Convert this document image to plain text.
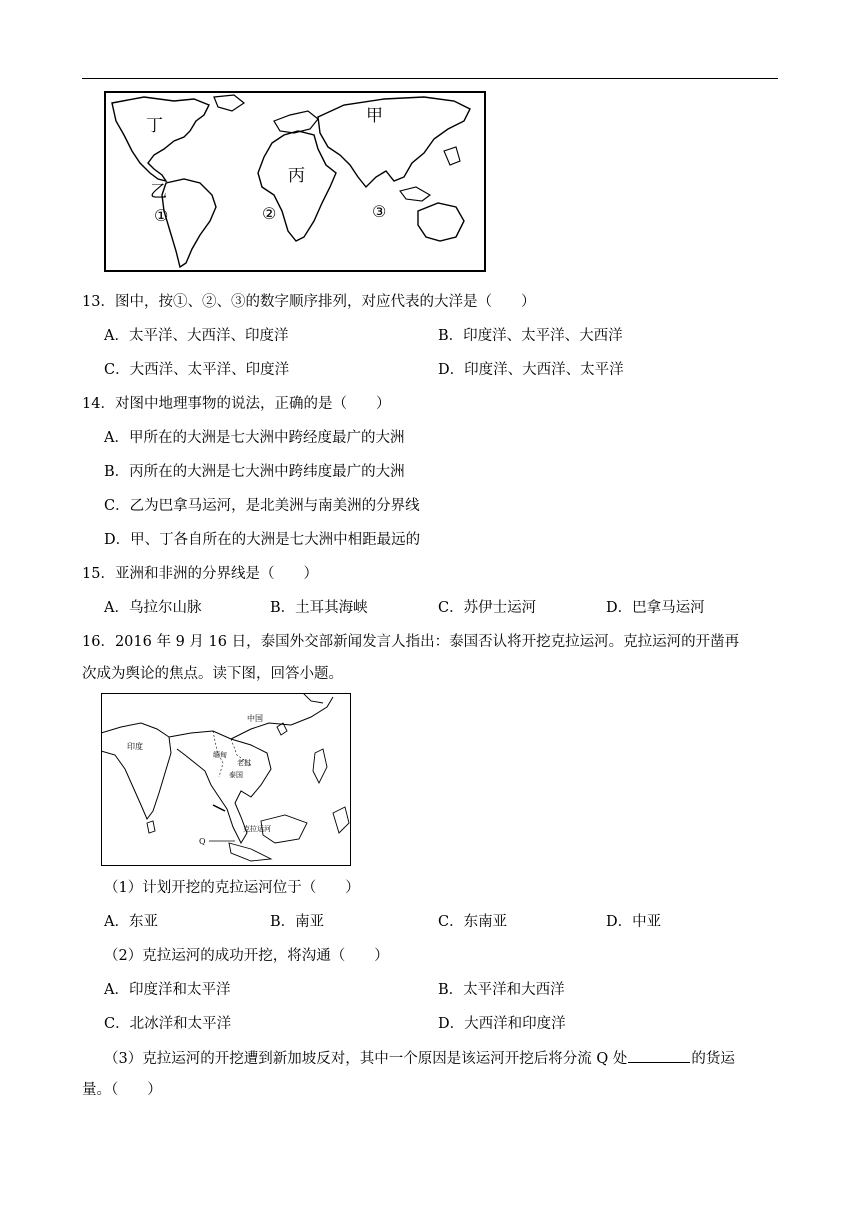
丁	甲
丙
乙
①	②	③
13．图中，按①、②、③的数字顺序排列，对应代表的大洋是（　　）
A．太平洋、大西洋、印度洋	B．印度洋、太平洋、大西洋
C．大西洋、太平洋、印度洋	D．印度洋、大西洋、太平洋
14．对图中地理事物的说法，正确的是（　　）
A．甲所在的大洲是七大洲中跨经度最广的大洲
B．丙所在的大洲是七大洲中跨纬度最广的大洲
C．乙为巴拿马运河，是北美洲与南美洲的分界线
D．甲、丁各自所在的大洲是七大洲中相距最远的
15．亚洲和非洲的分界线是（　　）
A．乌拉尔山脉	B．土耳其海峡	C．苏伊士运河	D．巴拿马运河
16．2016 年 9 月 16 日，泰国外交部新闻发言人指出：泰国否认将开挖克拉运河。克拉运河的开凿再
次成为舆论的焦点。读下图，回答小题。
中国
印度
缅甸
老挝
泰国
克拉运河
Q
（1）计划开挖的克拉运河位于（　　）
A．东亚	B．南亚	C．东南亚	D．中亚
（2）克拉运河的成功开挖，将沟通（　　）
A．印度洋和太平洋	B．太平洋和大西洋
C．北冰洋和太平洋	D．大西洋和印度洋
（3）克拉运河的开挖遭到新加坡反对，其中一个原因是该运河开挖后将分流 Q 处	的货运
量。（　　）
